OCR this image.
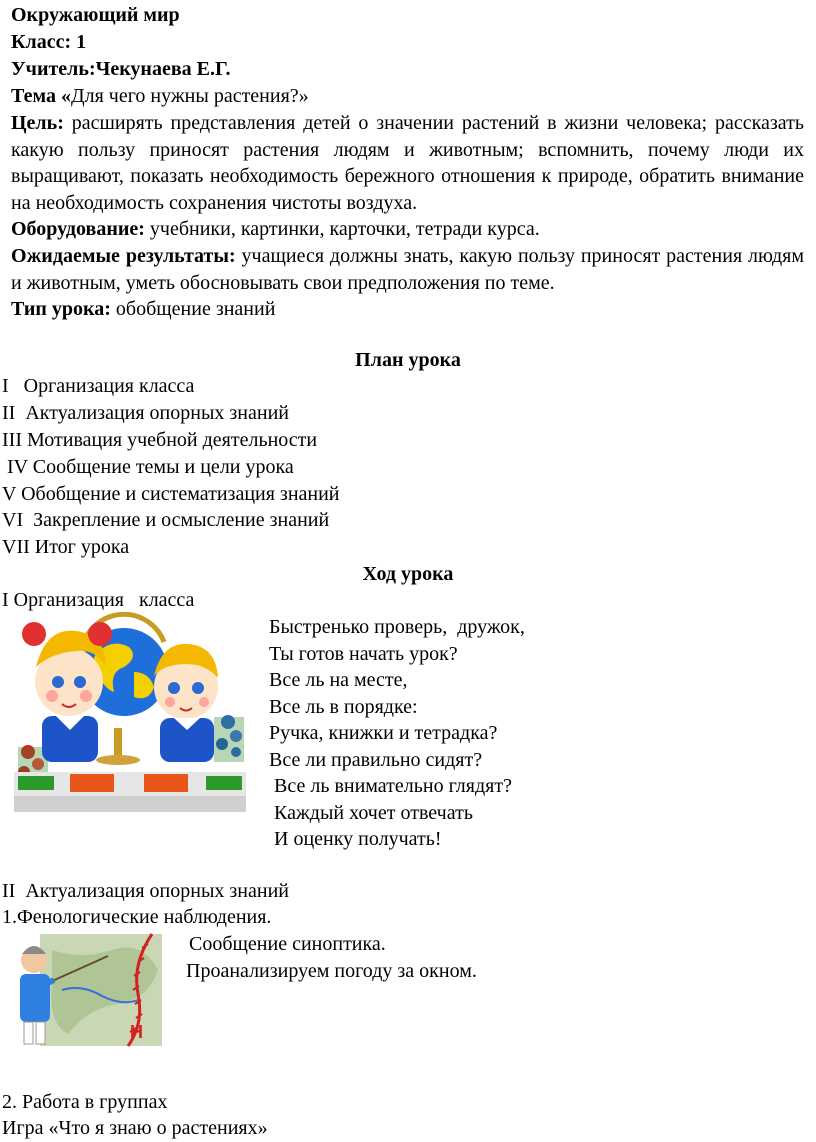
Окружающий мир
Класс: 1
Учитель:Чекунаева Е.Г.
Тема «Для чего нужны растения?»
Цель: расширять представления детей о значении растений в жизни человека; рассказать какую пользу приносят растения людям и животным; вспомнить, почему люди их выращивают, показать необходимость бережного отношения к природе, обратить внимание на необходимость сохранения чистоты воздуха.
Оборудование: учебники, картинки, карточки, тетради курса.
Ожидаемые результаты: учащиеся должны знать, какую пользу приносят растения людям и животным, уметь обосновывать свои предположения по теме.
Тип урока: обобщение знаний
План урока
I   Организация класса
II  Актуализация опорных знаний
III Мотивация учебной деятельности
IV Сообщение темы и цели урока
V Обобщение и систематизация знаний
VI  Закрепление и осмысление знаний
VII Итог урока
Ход урока
I Организация   класса
Быстренько проверь,  дружок,
Ты готов начать урок?
Все ль на месте,
Все ль в порядке:
Ручка, книжки и тетрадка?
Все ли правильно сидят?
Все ль внимательно глядят?
Каждый хочет отвечать
И оценку получать!
II  Актуализация опорных знаний
1.Фенологические наблюдения.
H
Сообщение синоптика.
Проанализируем погоду за окном.
2. Работа в группах
Игра «Что я знаю о растениях»
